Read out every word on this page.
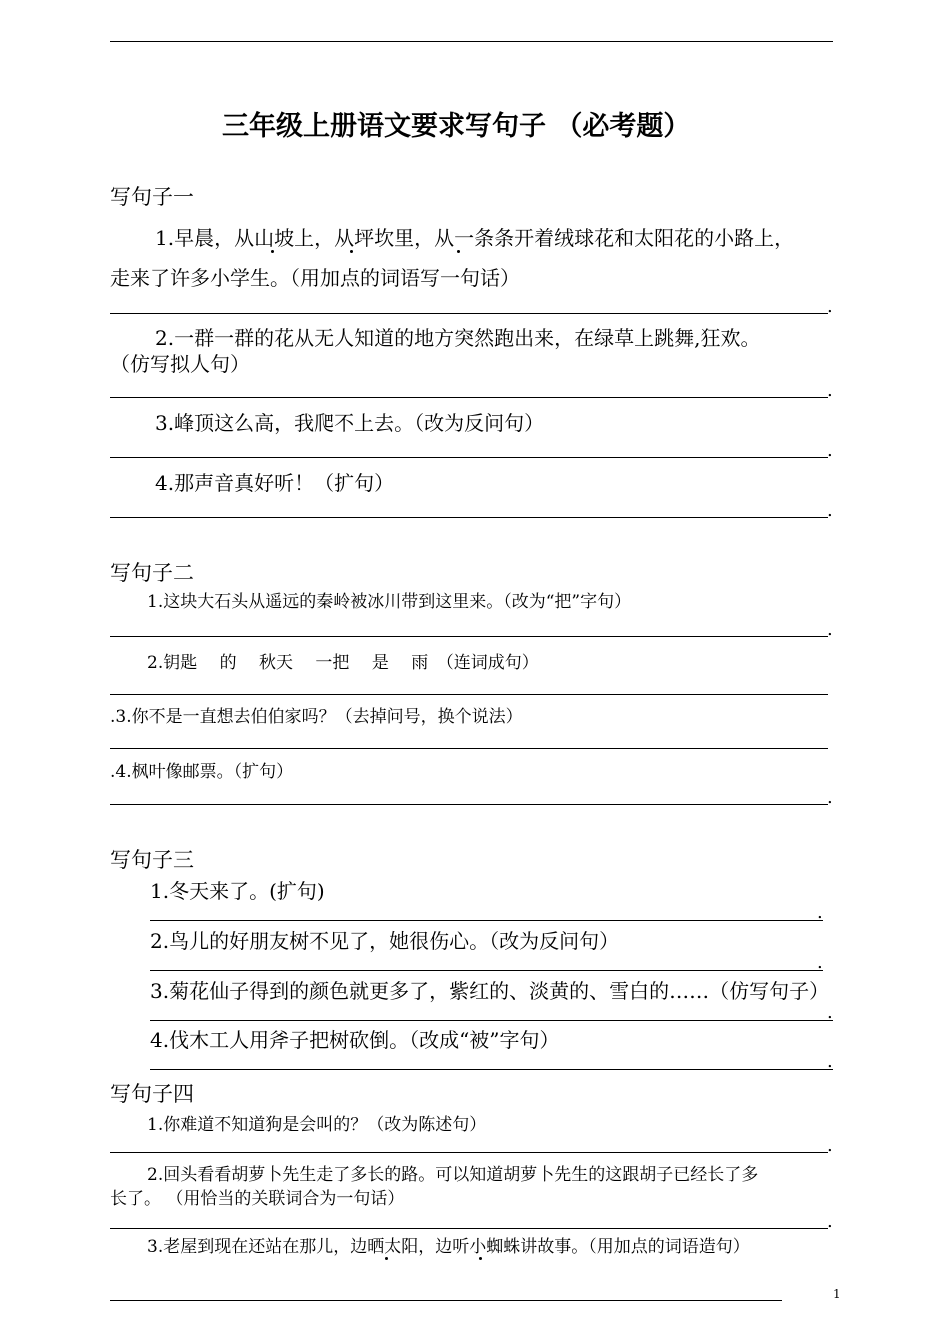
三年级上册语文要求写句子 （必考题）
写句子一
1.早晨，从山坡上，从坪坎里，从一条条开着绒球花和太阳花的小路上，
走来了许多小学生。（用加点的词语写一句话）
.
2.一群一群的花从无人知道的地方突然跑出来，在绿草上跳舞,狂欢。
（仿写拟人句）
.
3.峰顶这么高，我爬不上去。（改为反问句）
.
4.那声音真好听！（扩句）
.
写句子二
1.这块大石头从遥远的秦岭被冰川带到这里来。（改为“把”字句）
.
2.钥匙　 的　 秋天　 一把　 是　 雨　（连词成句）
.3.你不是一直想去伯伯家吗？（去掉问号，换个说法）
.4.枫叶像邮票。（扩句）
.
写句子三
1.冬天来了。(扩句)
.
2.鸟儿的好朋友树不见了，她很伤心。（改为反问句）
.
3.菊花仙子得到的颜色就更多了，紫红的、淡黄的、雪白的……（仿写句子）
.
4.伐木工人用斧子把树砍倒。（改成“被”字句）
.
写句子四
1.你难道不知道狗是会叫的？（改为陈述句）
.
2.回头看看胡萝卜先生走了多长的路。可以知道胡萝卜先生的这跟胡子已经长了多
长了。 （用恰当的关联词合为一句话）
.
3.老屋到现在还站在那儿，边晒太阳，边听小蜘蛛讲故事。（用加点的词语造句）
1
